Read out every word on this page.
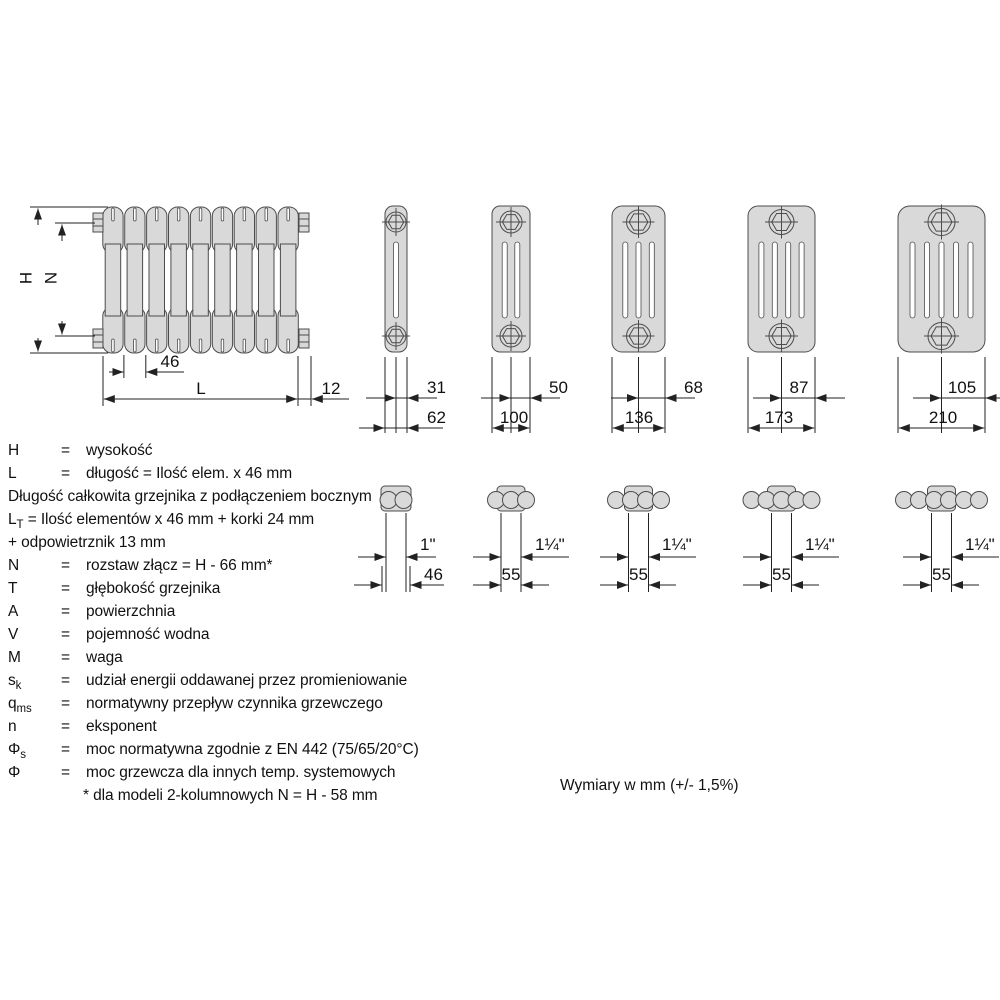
H N
46
L	12	31
62
50
100
68
136
87
173
105
210
1"
46
1¼"
55
1¼"
55
1¼"
55
1¼"
55
H	= wysokość
L	= długość = Ilość elem. x 46 mm
Długość całkowita grzejnika z podłączeniem bocznym
$L_T$ = Ilość elementów x 46 mm + korki 24 mm
+ odpowietrznik 13 mm
N	= rozstaw złącz = H - 66 mm*
T	= głębokość grzejnika
A	= powierzchnia
V	= pojemność wodna
M	= waga
$s_k$	= udział energii oddawanej przez promieniowanie
$q_{ms}$ = normatywny przepływ czynnika grzewczego
n	= eksponent
$\Phi_s$ = moc normatywna zgodnie z EN 442 (75/65/20°C)
Φ	= moc grzewcza dla innych temp. systemowych
* dla modeli 2-kolumnowych N = H - 58 mm
Wymiary w mm (+/- 1,5%)
